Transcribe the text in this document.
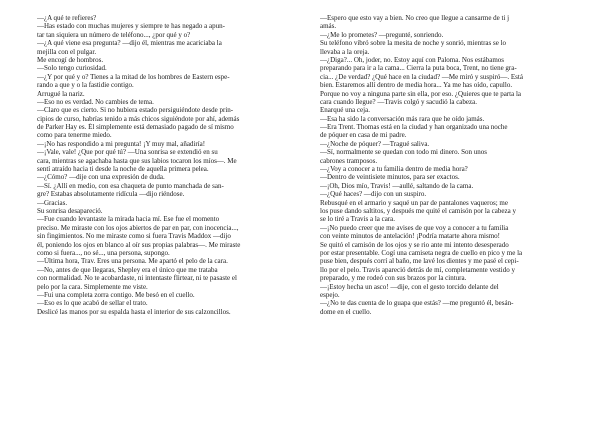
—¿A qué te refieres?
—Has estado con muchas mujeres y siempre te has negado a apun-
tar tan siquiera un número de teléfono..., ¿por qué y o?
—¿A qué viene esa pregunta? —dijo él, mientras me acariciaba la
mejilla con el pulgar.
Me encogí de hombros.
—Solo tengo curiosidad.
—¿Y por qué y o? Tienes a la mitad de los hombres de Eastern espe-
rando a que y o la fastidie contigo.
Arrugué la nariz.
—Eso no es verdad. No cambies de tema.
—Claro que es cierto. Si no hubiera estado persiguiéndote desde prin-
cipios de curso, habrías tenido a más chicos siguiéndote por ahí, además
de Parker Hay es. Él simplemente está demasiado pagado de sí mismo
como para tenerme miedo.
—¡No has respondido a mi pregunta! ¡Y muy mal, añadiría!
—¡Vale, vale! ¿Que por qué tú? —Una sonrisa se extendió en su
cara, mientras se agachaba hasta que sus labios tocaron los míos—. Me
sentí atraído hacia ti desde la noche de aquella primera pelea.
—¿Cómo? —dije con una expresión de duda.
—Sí. ¿Allí en medio, con esa chaqueta de punto manchada de san-
gre? Estabas absolutamente ridícula —dijo riéndose.
—Gracias.
Su sonrisa desapareció.
—Fue cuando levantaste la mirada hacia mí. Ese fue el momento
preciso. Me miraste con los ojos abiertos de par en par, con inocencia...,
sin fingimientos. No me miraste como si fuera Travis Maddox —dijo
él, poniendo los ojos en blanco al oír sus propias palabras—. Me miraste
como si fuera..., no sé..., una persona, supongo.
—Última hora, Trav. Eres una persona. Me apartó el pelo de la cara.
—No, antes de que llegaras, Shepley era el único que me trataba
con normalidad. No te acobardaste, ni intentaste flirtear, ni te pasaste el
pelo por la cara. Simplemente me viste.
—Fui una completa zorra contigo. Me besó en el cuello.
—Eso es lo que acabó de sellar el trato.
Deslicé las manos por su espalda hasta el interior de sus calzoncillos.
—Espero que esto vay a bien. No creo que llegue a cansarme de ti j
amás.
—¿Me lo prometes? —pregunté, sonriendo.
Su teléfono vibró sobre la mesita de noche y sonrió, mientras se lo
llevaba a la oreja.
—¿Diga?... Oh, joder, no. Estoy aquí con Paloma. Nos estábamos
preparando para ir a la cama... Cierra la puta boca, Trent, no tiene gra-
cia... ¿De verdad? ¿Qué hace en la ciudad? —Me miró y suspiró—. Está
bien. Estaremos allí dentro de media hora... Ya me has oído, capullo.
Porque no voy a ninguna parte sin ella, por eso. ¿Quieres que te parta la
cara cuando llegue? —Travis colgó y sacudió la cabeza.
Enarqué una ceja.
—Esa ha sido la conversación más rara que he oído jamás.
—Era Trent. Thomas está en la ciudad y han organizado una noche
de póquer en casa de mi padre.
—¿Noche de póquer? —Tragué saliva.
—Sí, normalmente se quedan con todo mi dinero. Son unos
cabrones tramposos.
—¿Voy a conocer a tu familia dentro de media hora?
—Dentro de veintisiete minutos, para ser exactos.
—¡Oh, Dios mío, Travis! —aullé, saltando de la cama.
—¿Qué haces? —dijo con un suspiro.
Rebusqué en el armario y saqué un par de pantalones vaqueros; me
los puse dando saltitos, y después me quité el camisón por la cabeza y
se lo tiré a Travis a la cara.
—¡No puedo creer que me avises de que voy a conocer a tu familia
con veinte minutos de antelación! ¡Podría matarte ahora mismo!
Se quitó el camisón de los ojos y se rio ante mi intento desesperado
por estar presentable. Cogí una camiseta negra de cuello en pico y me la
puse bien, después corrí al baño, me lavé los dientes y me pasé el cepi-
llo por el pelo. Travis apareció detrás de mí, completamente vestido y
preparado, y me rodeó con sus brazos por la cintura.
—¡Estoy hecha un asco! —dije, con el gesto torcido delante del
espejo.
—¿No te das cuenta de lo guapa que estás? —me preguntó él, besán-
dome en el cuello.
